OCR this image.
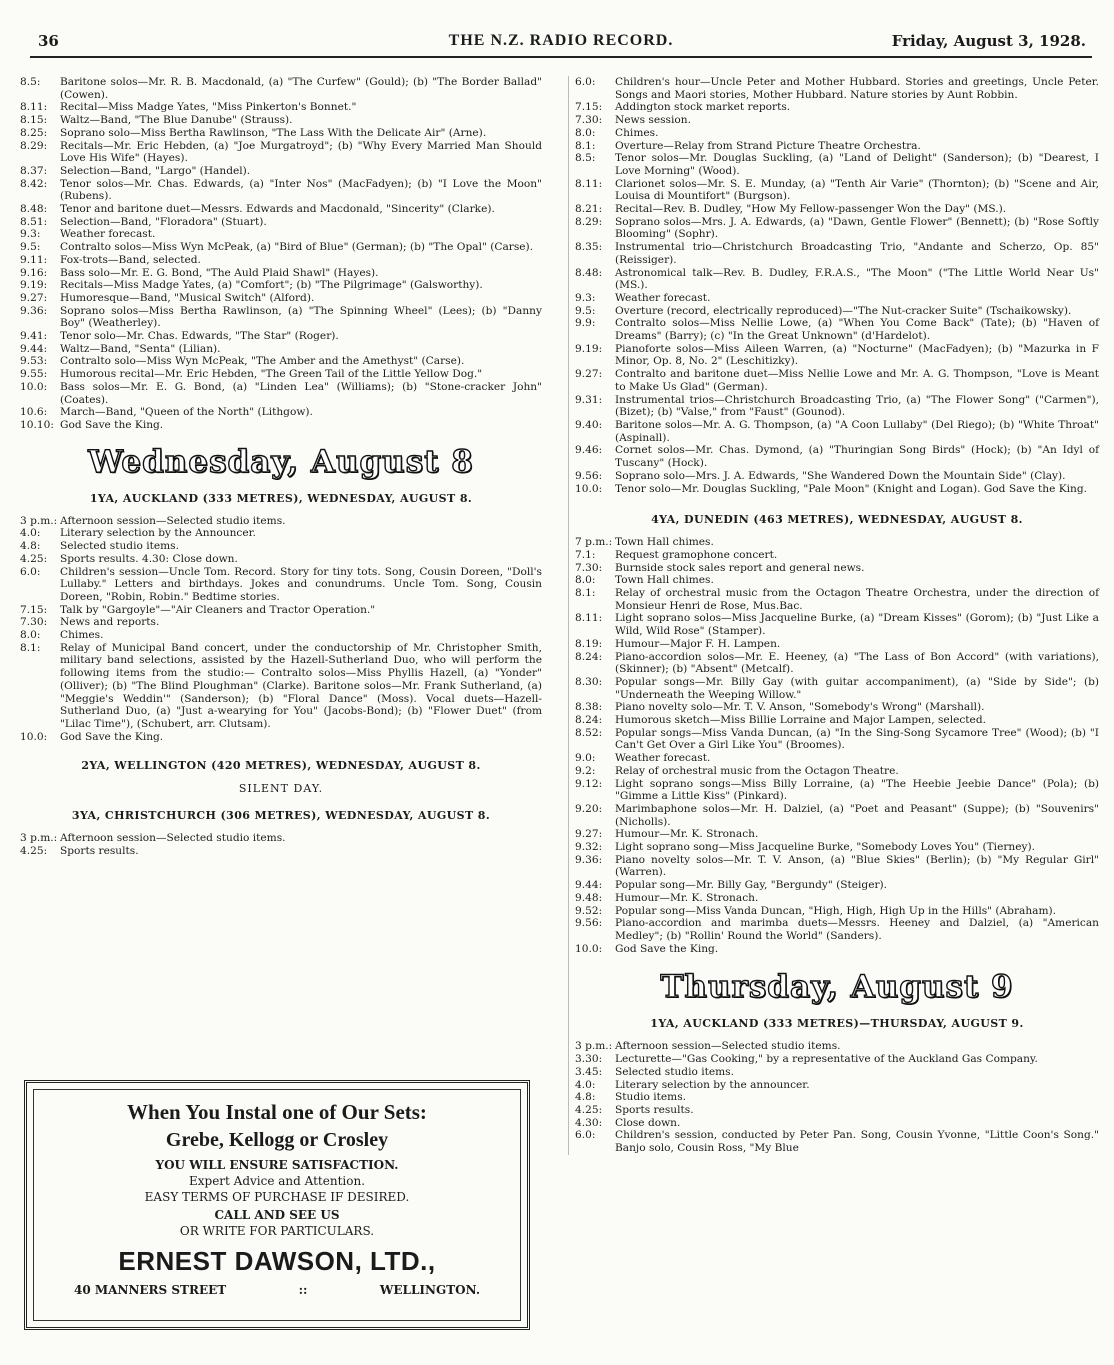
36	THE N.Z. RADIO RECORD.	Friday, August 3, 1928.
8.5:	Baritone solos—Mr. R. B. Macdonald, (a) "The Curfew" (Gould); (b) "The Border Ballad" (Cowen).
8.11:	Recital—Miss Madge Yates, "Miss Pinkerton's Bonnet."
8.15:	Waltz—Band, "The Blue Danube" (Strauss).
8.25:	Soprano solo—Miss Bertha Rawlinson, "The Lass With the Delicate Air" (Arne).
8.29:	Recitals—Mr. Eric Hebden, (a) "Joe Murgatroyd"; (b) "Why Every Married Man Should Love His Wife" (Hayes).
8.37:	Selection—Band, "Largo" (Handel).
8.42:	Tenor solos—Mr. Chas. Edwards, (a) "Inter Nos" (MacFadyen); (b) "I Love the Moon" (Rubens).
8.48:	Tenor and baritone duet—Messrs. Edwards and Macdonald, "Sincerity" (Clarke).
8.51:	Selection—Band, "Floradora" (Stuart).
9.3:	Weather forecast.
9.5:	Contralto solos—Miss Wyn McPeak, (a) "Bird of Blue" (German); (b) "The Opal" (Carse).
9.11:	Fox-trots—Band, selected.
9.16:	Bass solo—Mr. E. G. Bond, "The Auld Plaid Shawl" (Hayes).
9.19:	Recitals—Miss Madge Yates, (a) "Comfort"; (b) "The Pilgrimage" (Galsworthy).
9.27:	Humoresque—Band, "Musical Switch" (Alford).
9.36:	Soprano solos—Miss Bertha Rawlinson, (a) "The Spinning Wheel" (Lees); (b) "Danny Boy" (Weatherley).
9.41:	Tenor solo—Mr. Chas. Edwards, "The Star" (Roger).
9.44:	Waltz—Band, "Senta" (Lilian).
9.53:	Contralto solo—Miss Wyn McPeak, "The Amber and the Amethyst" (Carse).
9.55:	Humorous recital—Mr. Eric Hebden, "The Green Tail of the Little Yellow Dog."
10.0:	Bass solos—Mr. E. G. Bond, (a) "Linden Lea" (Williams); (b) "Stone-cracker John" (Coates).
10.6:	March—Band, "Queen of the North" (Lithgow).
10.10: God Save the King.
Wednesday, August 8
1YA, AUCKLAND (333 METRES), WEDNESDAY, AUGUST 8.
3 p.m.: Afternoon session—Selected studio items.
4.0:	Literary selection by the Announcer.
4.8:	Selected studio items.
4.25:	Sports results. 4.30: Close down.
6.0:	Children's session—Uncle Tom. Record. Story for tiny tots. Song, Cousin Doreen, "Doll's Lullaby." Letters and birthdays. Jokes and conundrums. Uncle Tom. Song, Cousin Doreen, "Robin, Robin." Bedtime stories.
7.15:	Talk by "Gargoyle"—"Air Cleaners and Tractor Operation."
7.30:	News and reports.
8.0:	Chimes.
8.1:	Relay of Municipal Band concert, under the conductorship of Mr. Christopher Smith, military band selections, assisted by the Hazell-Sutherland Duo, who will perform the following items from the studio:— Contralto solos—Miss Phyllis Hazell, (a) "Yonder" (Olliver); (b) "The Blind Ploughman" (Clarke). Baritone solos—Mr. Frank Sutherland, (a) "Meggie's Weddin'" (Sanderson); (b) "Floral Dance" (Moss). Vocal duets—Hazell-Sutherland Duo, (a) "Just a-wearying for You" (Jacobs-Bond); (b) "Flower Duet" (from "Lilac Time"), (Schubert, arr. Clutsam).
10.0:	God Save the King.
2YA, WELLINGTON (420 METRES), WEDNESDAY, AUGUST 8.
SILENT DAY.
3YA, CHRISTCHURCH (306 METRES), WEDNESDAY, AUGUST 8.
3 p.m.: Afternoon session—Selected studio items.
4.25:	Sports results.
When You Instal one of Our Sets:
Grebe, Kellogg or Crosley
YOU WILL ENSURE SATISFACTION.
Expert Advice and Attention.
EASY TERMS OF PURCHASE IF DESIRED.
CALL AND SEE US
OR WRITE FOR PARTICULARS.
ERNEST DAWSON, LTD.,
40 MANNERS STREET	::	WELLINGTON.
6.0:	Children's hour—Uncle Peter and Mother Hubbard. Stories and greetings, Uncle Peter. Songs and Maori stories, Mother Hubbard. Nature stories by Aunt Robbin.
7.15:	Addington stock market reports.
7.30:	News session.
8.0:	Chimes.
8.1:	Overture—Relay from Strand Picture Theatre Orchestra.
8.5:	Tenor solos—Mr. Douglas Suckling, (a) "Land of Delight" (Sanderson); (b) "Dearest, I Love Morning" (Wood).
8.11:	Clarionet solos—Mr. S. E. Munday, (a) "Tenth Air Varie" (Thornton); (b) "Scene and Air, Louisa di Mountifort" (Burgson).
8.21:	Recital—Rev. B. Dudley, "How My Fellow-passenger Won the Day" (MS.).
8.29:	Soprano solos—Mrs. J. A. Edwards, (a) "Dawn, Gentle Flower" (Bennett); (b) "Rose Softly Blooming" (Sophr).
8.35:	Instrumental trio—Christchurch Broadcasting Trio, "Andante and Scherzo, Op. 85" (Reissiger).
8.48:	Astronomical talk—Rev. B. Dudley, F.R.A.S., "The Moon" ("The Little World Near Us" (MS.).
9.3:	Weather forecast.
9.5:	Overture (record, electrically reproduced)—"The Nut-cracker Suite" (Tschaikowsky).
9.9:	Contralto solos—Miss Nellie Lowe, (a) "When You Come Back" (Tate); (b) "Haven of Dreams" (Barry); (c) "In the Great Unknown" (d'Hardelot).
9.19:	Pianoforte solos—Miss Aileen Warren, (a) "Nocturne" (MacFadyen); (b) "Mazurka in F Minor, Op. 8, No. 2" (Leschitizky).
9.27:	Contralto and baritone duet—Miss Nellie Lowe and Mr. A. G. Thompson, "Love is Meant to Make Us Glad" (German).
9.31:	Instrumental trios—Christchurch Broadcasting Trio, (a) "The Flower Song" ("Carmen"), (Bizet); (b) "Valse," from "Faust" (Gounod).
9.40:	Baritone solos—Mr. A. G. Thompson, (a) "A Coon Lullaby" (Del Riego); (b) "White Throat" (Aspinall).
9.46:	Cornet solos—Mr. Chas. Dymond, (a) "Thuringian Song Birds" (Hock); (b) "An Idyl of Tuscany" (Hock).
9.56:	Soprano solo—Mrs. J. A. Edwards, "She Wandered Down the Mountain Side" (Clay).
10.0:	Tenor solo—Mr. Douglas Suckling, "Pale Moon" (Knight and Logan). God Save the King.
4YA, DUNEDIN (463 METRES), WEDNESDAY, AUGUST 8.
7 p.m.: Town Hall chimes.
7.1:	Request gramophone concert.
7.30:	Burnside stock sales report and general news.
8.0:	Town Hall chimes.
8.1:	Relay of orchestral music from the Octagon Theatre Orchestra, under the direction of Monsieur Henri de Rose, Mus.Bac.
8.11:	Light soprano solos—Miss Jacqueline Burke, (a) "Dream Kisses" (Gorom); (b) "Just Like a Wild, Wild Rose" (Stamper).
8.19:	Humour—Major F. H. Lampen.
8.24:	Piano-accordion solos—Mr. E. Heeney, (a) "The Lass of Bon Accord" (with variations), (Skinner); (b) "Absent" (Metcalf).
8.30:	Popular songs—Mr. Billy Gay (with guitar accompaniment), (a) "Side by Side"; (b) "Underneath the Weeping Willow."
8.38:	Piano novelty solo—Mr. T. V. Anson, "Somebody's Wrong" (Marshall).
8.24:	Humorous sketch—Miss Billie Lorraine and Major Lampen, selected.
8.52:	Popular songs—Miss Vanda Duncan, (a) "In the Sing-Song Sycamore Tree" (Wood); (b) "I Can't Get Over a Girl Like You" (Broomes).
9.0:	Weather forecast.
9.2:	Relay of orchestral music from the Octagon Theatre.
9.12:	Light soprano songs—Miss Billy Lorraine, (a) "The Heebie Jeebie Dance" (Pola); (b) "Gimme a Little Kiss" (Pinkard).
9.20:	Marimbaphone solos—Mr. H. Dalziel, (a) "Poet and Peasant" (Suppe); (b) "Souvenirs" (Nicholls).
9.27:	Humour—Mr. K. Stronach.
9.32:	Light soprano song—Miss Jacqueline Burke, "Somebody Loves You" (Tierney).
9.36:	Piano novelty solos—Mr. T. V. Anson, (a) "Blue Skies" (Berlin); (b) "My Regular Girl" (Warren).
9.44:	Popular song—Mr. Billy Gay, "Bergundy" (Steiger).
9.48:	Humour—Mr. K. Stronach.
9.52:	Popular song—Miss Vanda Duncan, "High, High, High Up in the Hills" (Abraham).
9.56:	Piano-accordion and marimba duets—Messrs. Heeney and Dalziel, (a) "American Medley"; (b) "Rollin' Round the World" (Sanders).
10.0:	God Save the King.
Thursday, August 9
1YA, AUCKLAND (333 METRES)—THURSDAY, AUGUST 9.
3 p.m.: Afternoon session—Selected studio items.
3.30:	Lecturette—"Gas Cooking," by a representative of the Auckland Gas Company.
3.45:	Selected studio items.
4.0:	Literary selection by the announcer.
4.8:	Studio items.
4.25:	Sports results.
4.30:	Close down.
6.0:	Children's session, conducted by Peter Pan. Song, Cousin Yvonne, "Little Coon's Song." Banjo solo, Cousin Ross, "My Blue
